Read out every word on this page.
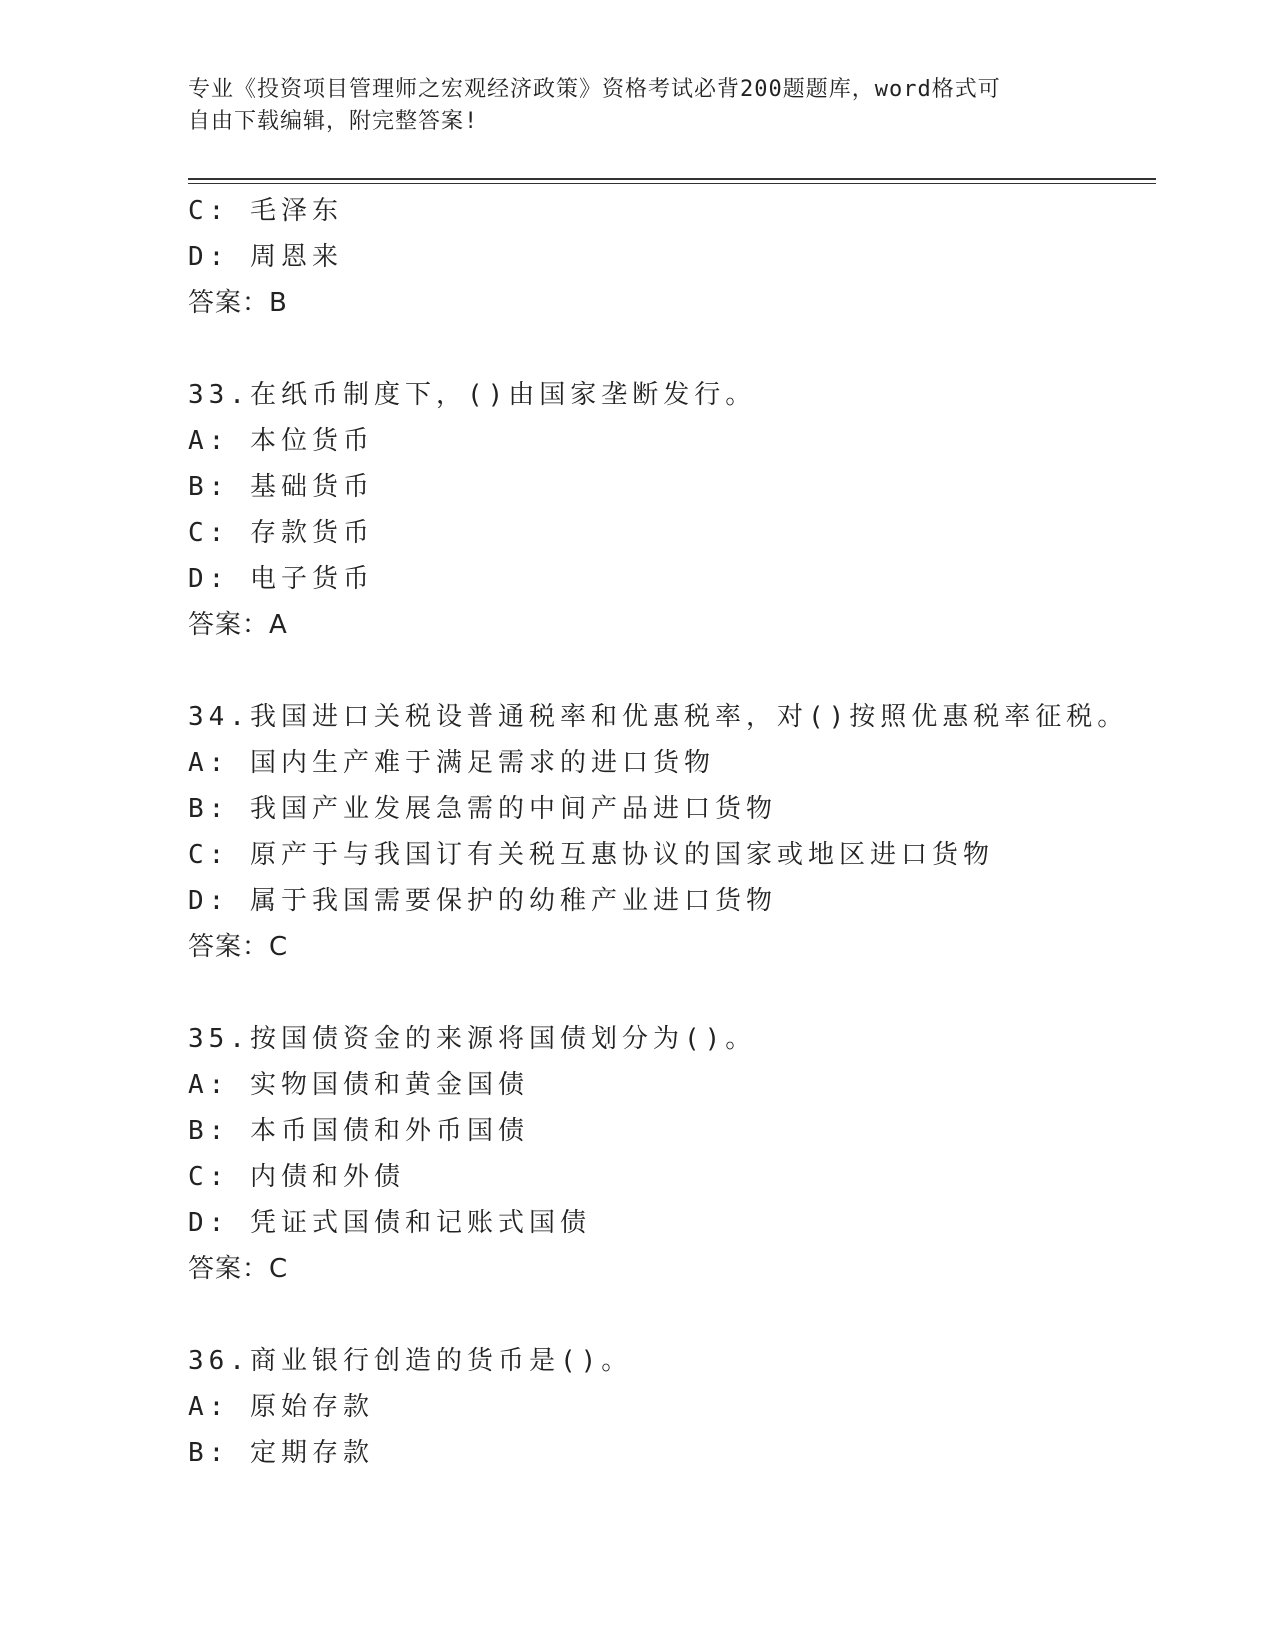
专业《投资项目管理师之宏观经济政策》资格考试必背200题题库，word格式可
自由下载编辑，附完整答案!
C: 毛泽东
D: 周恩来
答案：B
33.在纸币制度下，()由国家垄断发行。
A: 本位货币
B: 基础货币
C: 存款货币
D: 电子货币
答案：A
34.我国进口关税设普通税率和优惠税率，对()按照优惠税率征税。
A: 国内生产难于满足需求的进口货物
B: 我国产业发展急需的中间产品进口货物
C: 原产于与我国订有关税互惠协议的国家或地区进口货物
D: 属于我国需要保护的幼稚产业进口货物
答案：C
35.按国债资金的来源将国债划分为()。
A: 实物国债和黄金国债
B: 本币国债和外币国债
C: 内债和外债
D: 凭证式国债和记账式国债
答案：C
36.商业银行创造的货币是()。
A: 原始存款
B: 定期存款
